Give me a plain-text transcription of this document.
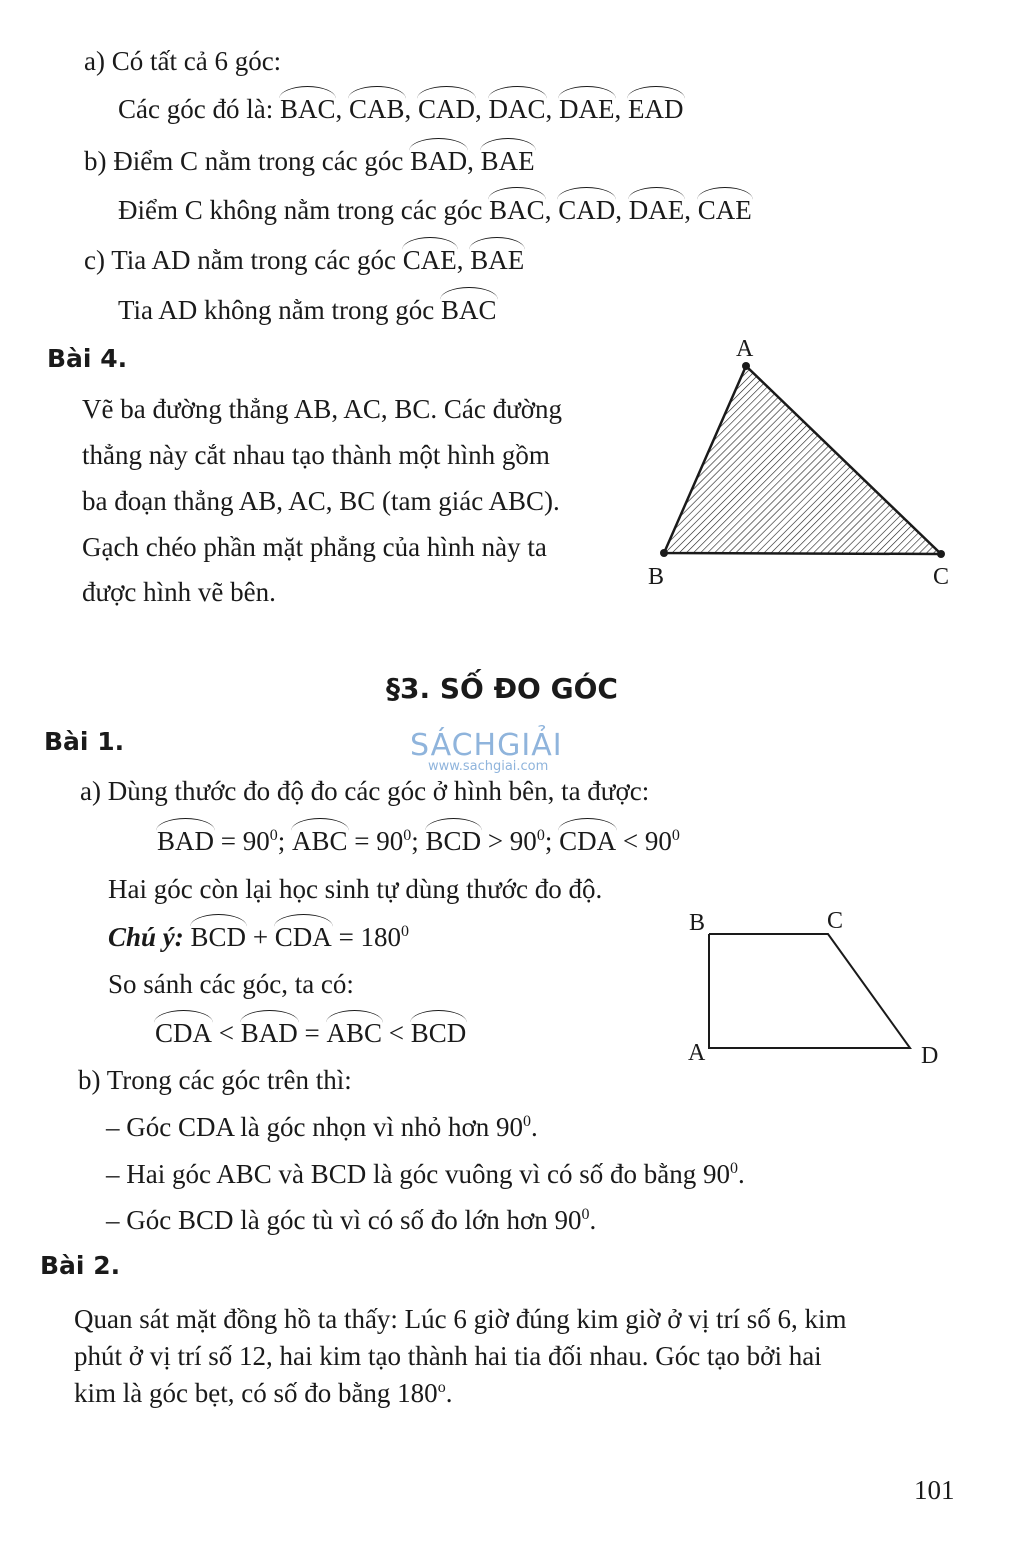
a) Có tất cả 6 góc:
Các góc đó là: BAC, CAB, CAD, DAC, DAE, EAD
b) Điểm C nằm trong các góc BAD, BAE
Điểm C không nằm trong các góc BAC, CAD, DAE, CAE
c) Tia AD nằm trong các góc CAE, BAE
Tia AD không nằm trong góc BAC
Bài 4.
Vẽ ba đường thẳng AB, AC, BC. Các đường
thẳng này cắt nhau tạo thành một hình gồm
ba đoạn thẳng AB, AC, BC (tam giác ABC).
Gạch chéo phần mặt phẳng của hình này ta
được hình vẽ bên.
A
B	C
§3. SỐ ĐO GÓC
Bài 1.	SÁCHGIẢI
www.sachgiai.com
a) Dùng thước đo độ đo các góc ở hình bên, ta được:
BAD = $90^0$; ABC = $90^0$; BCD > $90^0$; CDA < $90^0$
Hai góc còn lại học sinh tự dùng thước đo độ.
Chú ý: BCD + CDA = $180^0$
So sánh các góc, ta có:
CDA < BAD = ABC < BCD
B	C
A	D
b) Trong các góc trên thì:
– Góc CDA là góc nhọn vì nhỏ hơn $90^0$.
– Hai góc ABC và BCD là góc vuông vì có số đo bằng $90^0$.
– Góc BCD là góc tù vì có số đo lớn hơn $90^0$.
Bài 2.
Quan sát mặt đồng hồ ta thấy: Lúc 6 giờ đúng kim giờ ở vị trí số 6, kim
phút ở vị trí số 12, hai kim tạo thành hai tia đối nhau. Góc tạo bởi hai
kim là góc bẹt, có số đo bằng 180$^o$.
101
